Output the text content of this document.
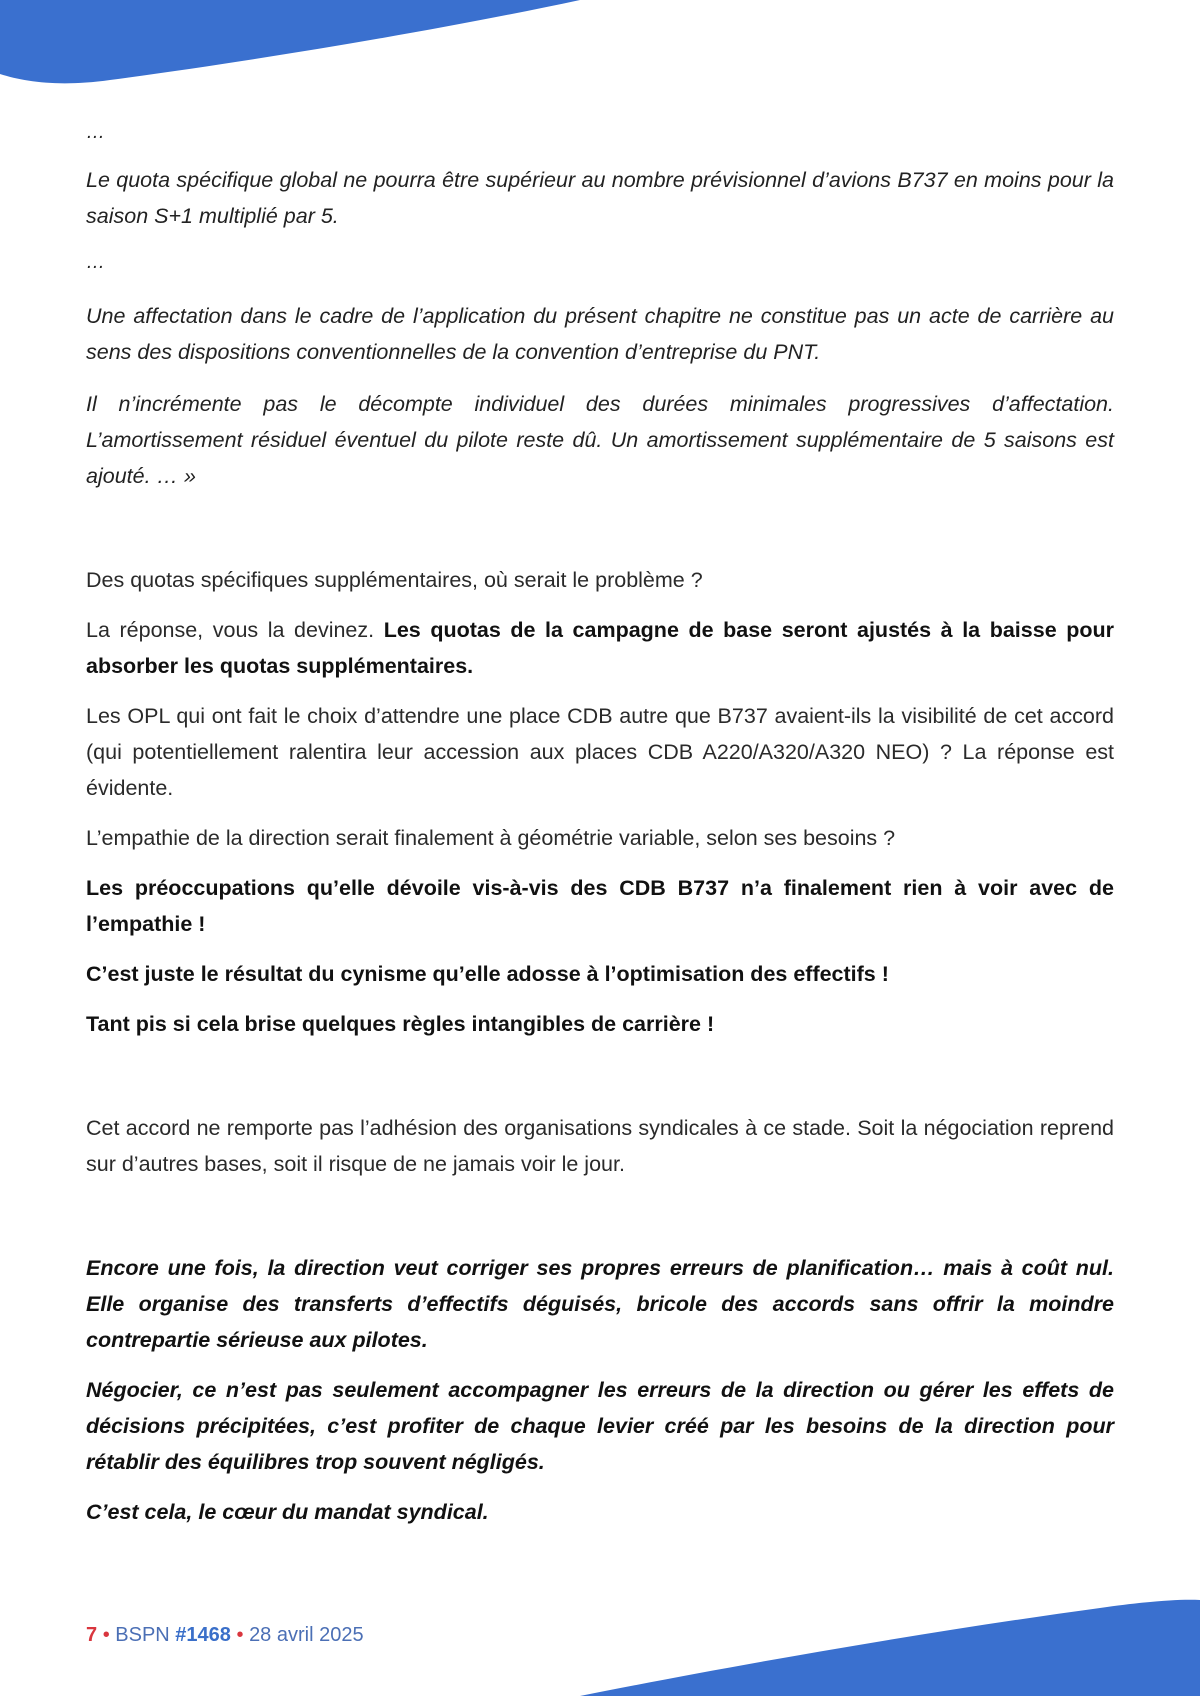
…

Le quota spécifique global ne pourra être supérieur au nombre prévisionnel d’avions B737 en moins pour la saison S+1 multiplié par 5.

…

Une affectation dans le cadre de l’application du présent chapitre ne constitue pas un acte de carrière au sens des dispositions conventionnelles de la convention d’entreprise du PNT.

Il n’incrémente pas le décompte individuel des durées minimales progressives d’affectation. L’amortissement résiduel éventuel du pilote reste dû. Un amortissement supplémentaire de 5 saisons est ajouté. … »

Des quotas spécifiques supplémentaires, où serait le problème ?

La réponse, vous la devinez. Les quotas de la campagne de base seront ajustés à la baisse pour absorber les quotas supplémentaires.

Les OPL qui ont fait le choix d’attendre une place CDB autre que B737 avaient-ils la visibilité de cet accord (qui potentiellement ralentira leur accession aux places CDB A220/A320/A320 NEO) ? La réponse est évidente.

L’empathie de la direction serait finalement à géométrie variable, selon ses besoins ?

Les préoccupations qu’elle dévoile vis-à-vis des CDB B737 n’a finalement rien à voir avec de l’empathie !

C’est juste le résultat du cynisme qu’elle adosse à l’optimisation des effectifs !

Tant pis si cela brise quelques règles intangibles de carrière !

Cet accord ne remporte pas l’adhésion des organisations syndicales à ce stade. Soit la négociation reprend sur d’autres bases, soit il risque de ne jamais voir le jour.

Encore une fois, la direction veut corriger ses propres erreurs de planification… mais à coût nul. Elle organise des transferts d’effectifs déguisés, bricole des accords sans offrir la moindre contrepartie sérieuse aux pilotes.

Négocier, ce n’est pas seulement accompagner les erreurs de la direction ou gérer les effets de décisions précipitées, c’est profiter de chaque levier créé par les besoins de la direction pour rétablir des équilibres trop souvent négligés.

C’est cela, le cœur du mandat syndical.

7 • BSPN #1468 • 28 avril 2025
